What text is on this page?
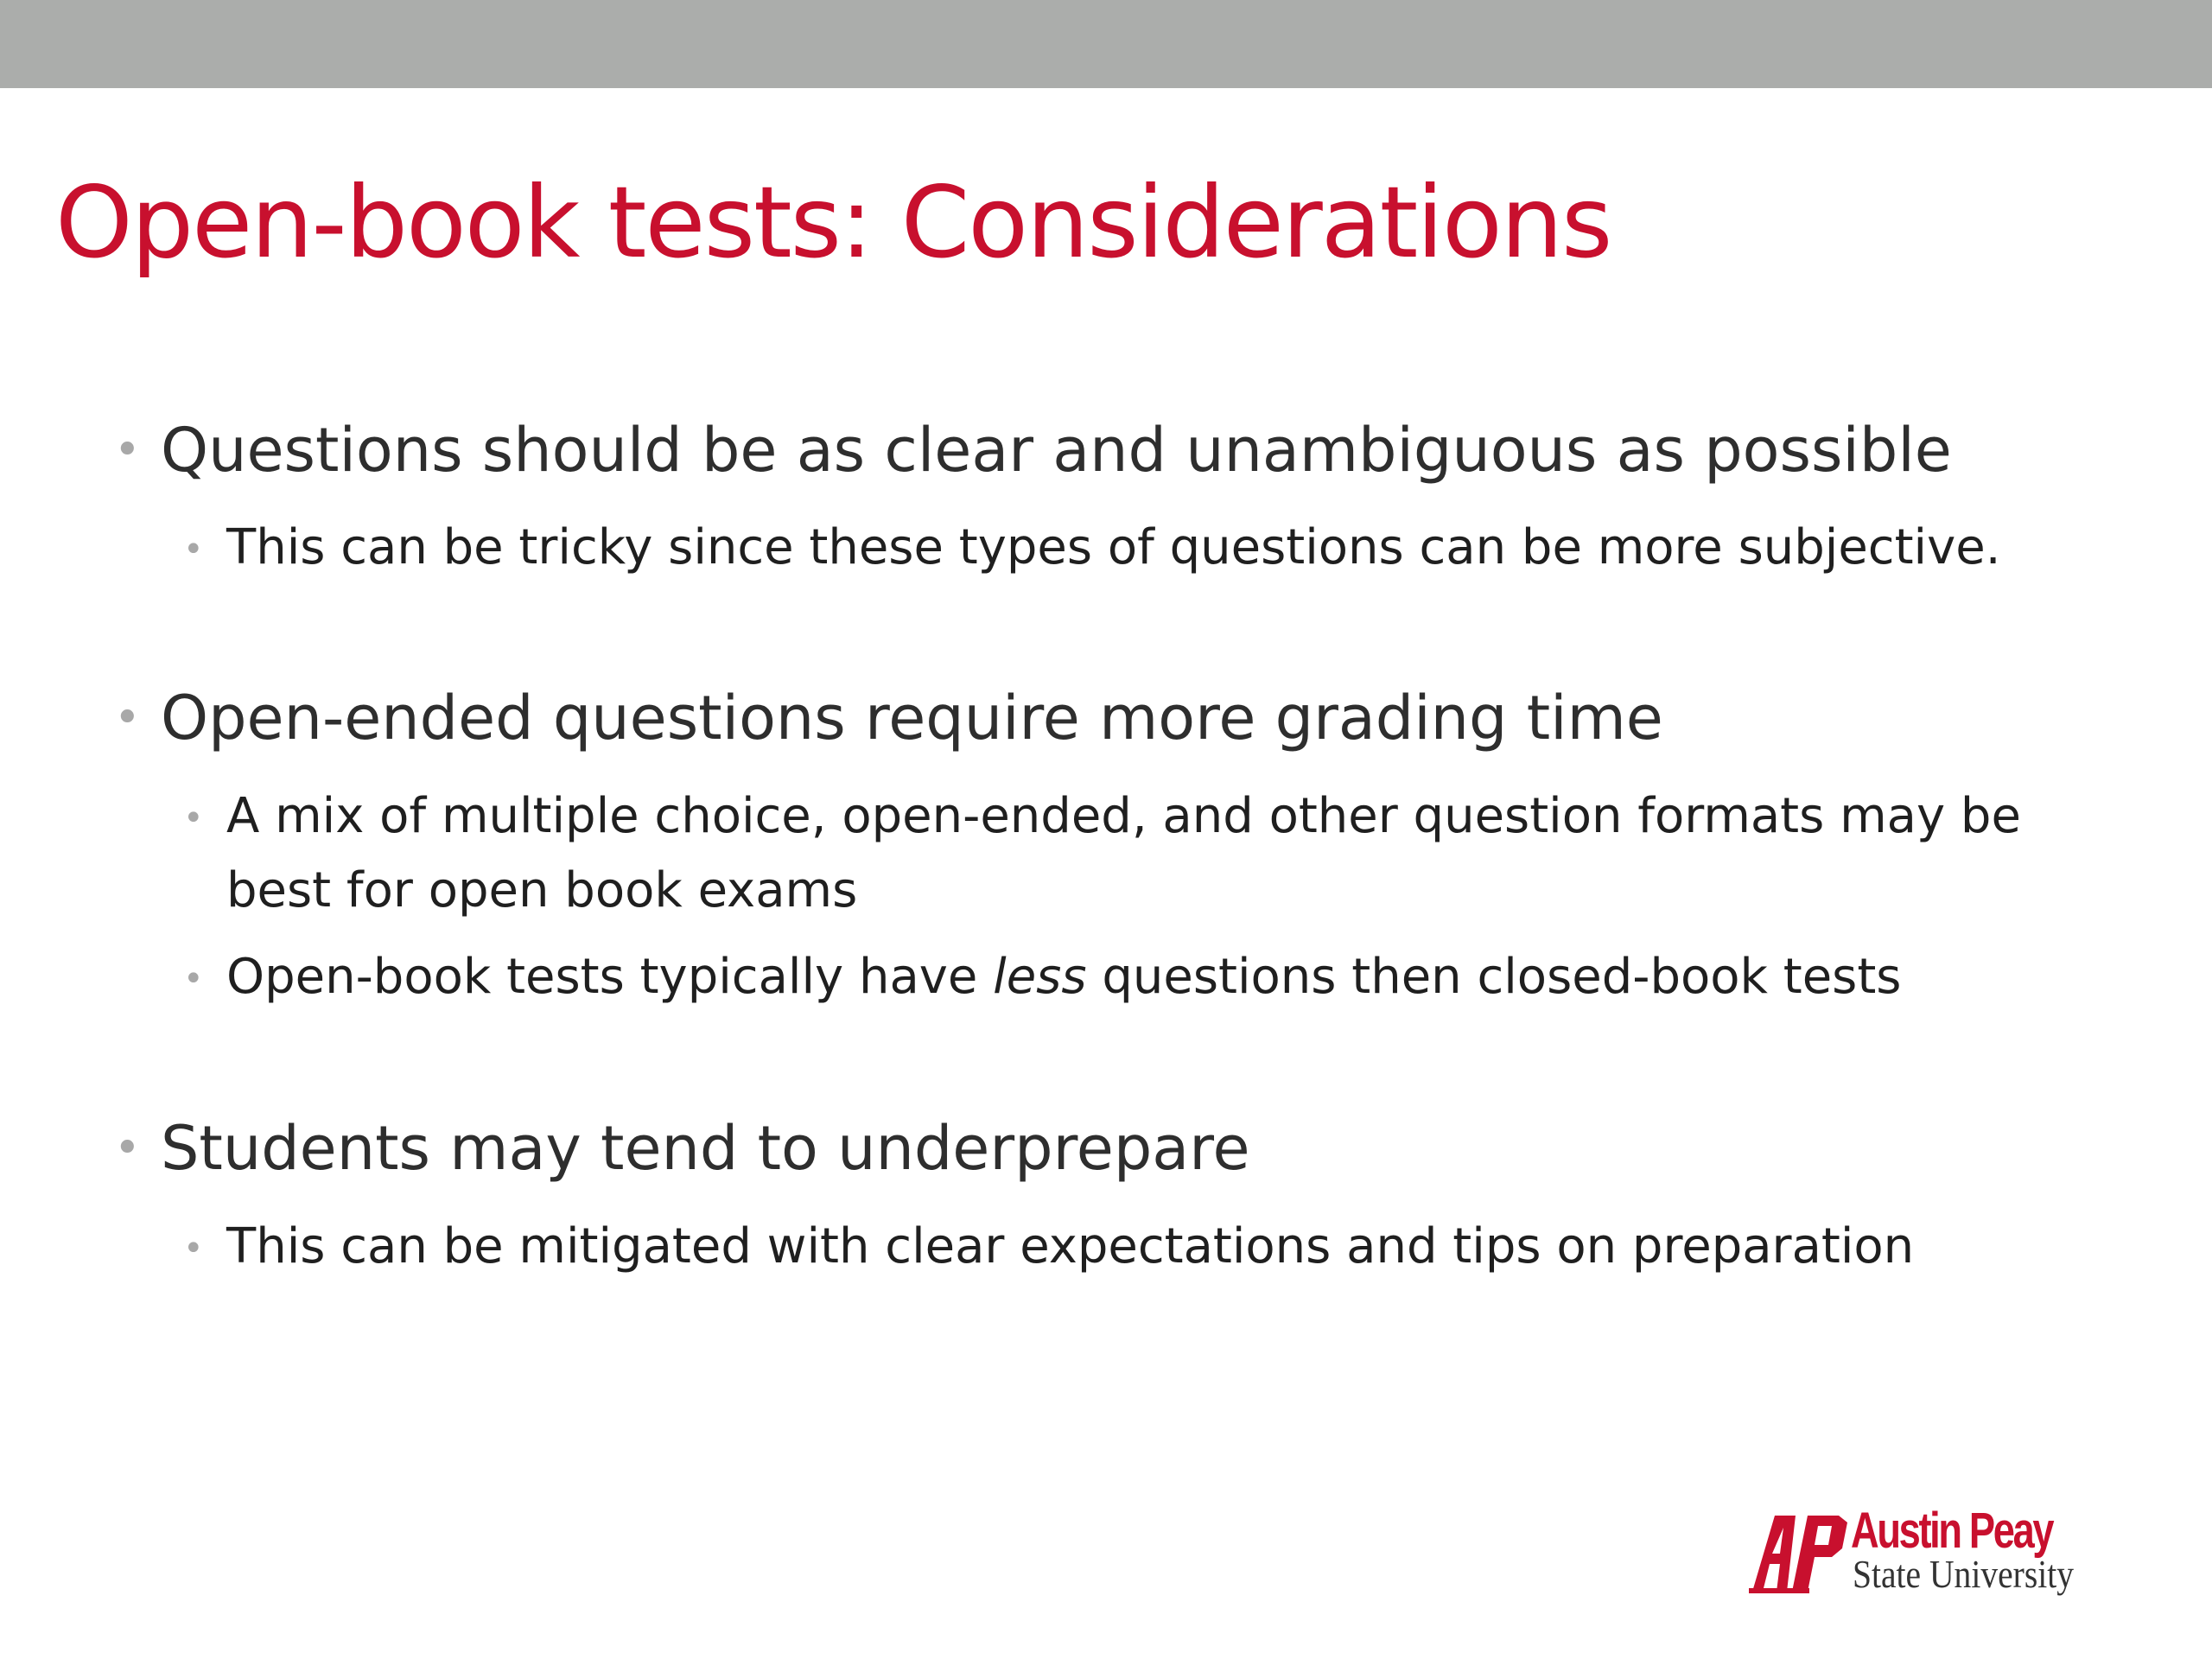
Open-book tests: Considerations
• Questions should be as clear and unambiguous as possible
• This can be tricky since these types of questions can be more subjective.
• Open-ended questions require more grading time
• A mix of multiple choice, open-ended, and other question formats may be best for open book exams
• Open-book tests typically have less questions then closed-book tests
• Students may tend to underprepare
• This can be mitigated with clear expectations and tips on preparation
Austin Peay
State University
